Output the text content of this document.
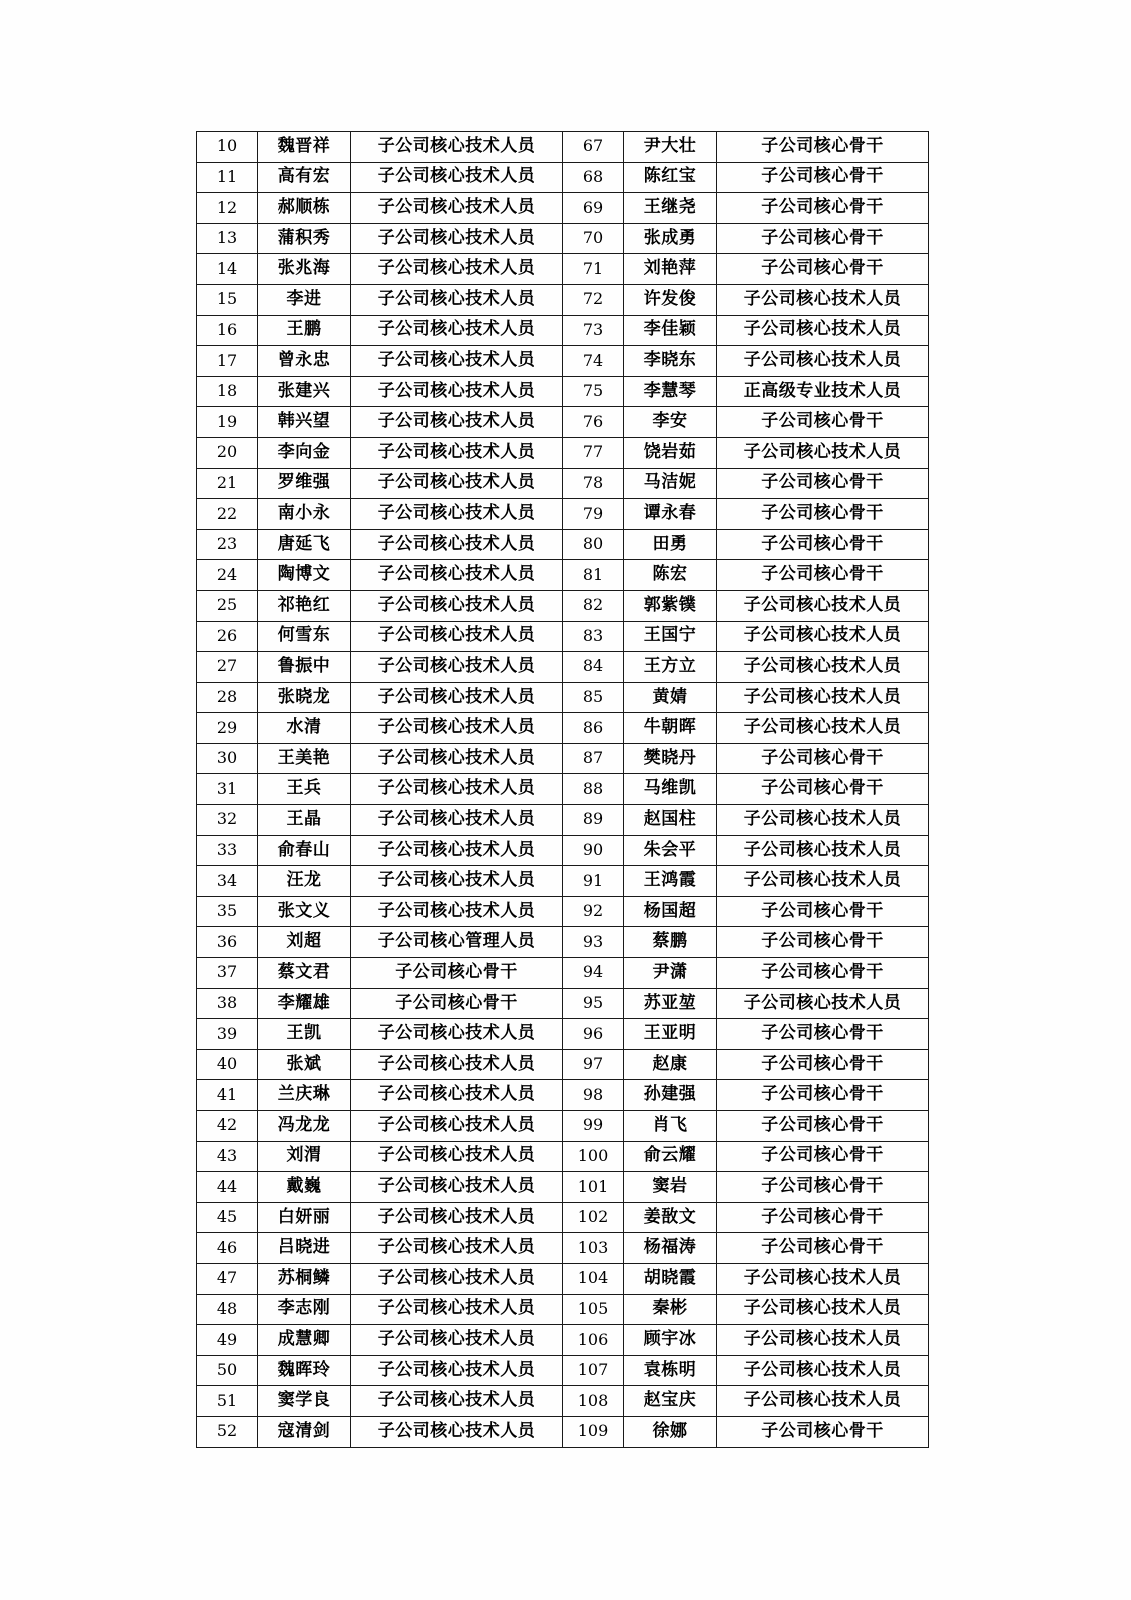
10	魏晋祥	子公司核心技术人员	67	尹大壮	子公司核心骨干
11	高有宏	子公司核心技术人员	68	陈红宝	子公司核心骨干
12	郝顺栋	子公司核心技术人员	69	王继尧	子公司核心骨干
13	蒲积秀	子公司核心技术人员	70	张成勇	子公司核心骨干
14	张兆海	子公司核心技术人员	71	刘艳萍	子公司核心骨干
15	李进	子公司核心技术人员	72	许发俊	子公司核心技术人员
16	王鹏	子公司核心技术人员	73	李佳颖	子公司核心技术人员
17	曾永忠	子公司核心技术人员	74	李晓东	子公司核心技术人员
18	张建兴	子公司核心技术人员	75	李慧琴	正高级专业技术人员
19	韩兴望	子公司核心技术人员	76	李安	子公司核心骨干
20	李向金	子公司核心技术人员	77	饶岩茹	子公司核心技术人员
21	罗维强	子公司核心技术人员	78	马洁妮	子公司核心骨干
22	南小永	子公司核心技术人员	79	谭永春	子公司核心骨干
23	唐延飞	子公司核心技术人员	80	田勇	子公司核心骨干
24	陶博文	子公司核心技术人员	81	陈宏	子公司核心骨干
25	祁艳红	子公司核心技术人员	82	郭紫镤	子公司核心技术人员
26	何雪东	子公司核心技术人员	83	王国宁	子公司核心技术人员
27	鲁振中	子公司核心技术人员	84	王方立	子公司核心技术人员
28	张晓龙	子公司核心技术人员	85	黄婧	子公司核心技术人员
29	水清	子公司核心技术人员	86	牛朝晖	子公司核心技术人员
30	王美艳	子公司核心技术人员	87	樊晓丹	子公司核心骨干
31	王兵	子公司核心技术人员	88	马维凯	子公司核心骨干
32	王晶	子公司核心技术人员	89	赵国柱	子公司核心技术人员
33	俞春山	子公司核心技术人员	90	朱会平	子公司核心技术人员
34	汪龙	子公司核心技术人员	91	王鸿霞	子公司核心技术人员
35	张文义	子公司核心技术人员	92	杨国超	子公司核心骨干
36	刘超	子公司核心管理人员	93	蔡鹏	子公司核心骨干
37	蔡文君	子公司核心骨干	94	尹潇	子公司核心骨干
38	李耀雄	子公司核心骨干	95	苏亚堃	子公司核心技术人员
39	王凯	子公司核心技术人员	96	王亚明	子公司核心骨干
40	张斌	子公司核心技术人员	97	赵康	子公司核心骨干
41	兰庆琳	子公司核心技术人员	98	孙建强	子公司核心骨干
42	冯龙龙	子公司核心技术人员	99	肖飞	子公司核心骨干
43	刘渭	子公司核心技术人员	100	俞云耀	子公司核心骨干
44	戴巍	子公司核心技术人员	101	窦岩	子公司核心骨干
45	白妍丽	子公司核心技术人员	102	姜敔文	子公司核心骨干
46	吕晓进	子公司核心技术人员	103	杨福涛	子公司核心骨干
47	苏桐鳞	子公司核心技术人员	104	胡晓霞	子公司核心技术人员
48	李志刚	子公司核心技术人员	105	秦彬	子公司核心技术人员
49	成慧卿	子公司核心技术人员	106	顾宇冰	子公司核心技术人员
50	魏晖玲	子公司核心技术人员	107	袁栋明	子公司核心技术人员
51	窦学良	子公司核心技术人员	108	赵宝庆	子公司核心技术人员
52	寇清剑	子公司核心技术人员	109	徐娜	子公司核心骨干
